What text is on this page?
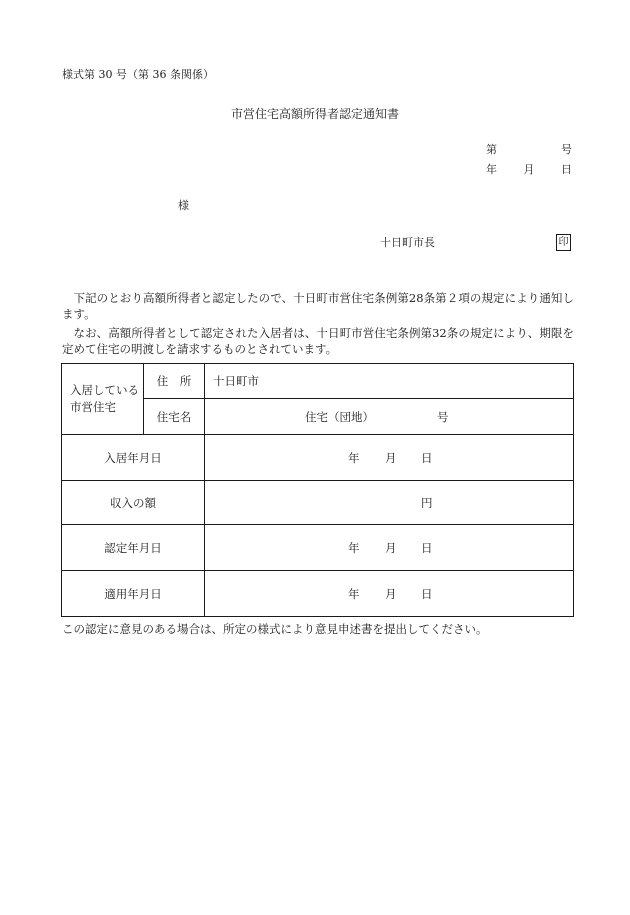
様式第 30 号（第 36 条関係）
市営住宅高額所得者認定通知書
第	号
年 月 日
様
十日町市長	印
下記のとおり高額所得者と認定したので、十日町市営住宅条例第28条第２項の規定により通知します。
なお、高額所得者として認定された入居者は、十日町市営住宅条例第32条の規定により、期限を定めて住宅の明渡しを請求するものとされています。
入居している市営住宅	住　所	十日町市
	住宅名	住宅（団地） 号

入居年月日		年 月 日

収入の額		円

認定年月日		年 月 日

適用年月日		年 月 日
この認定に意見のある場合は、所定の様式により意見申述書を提出してください。
